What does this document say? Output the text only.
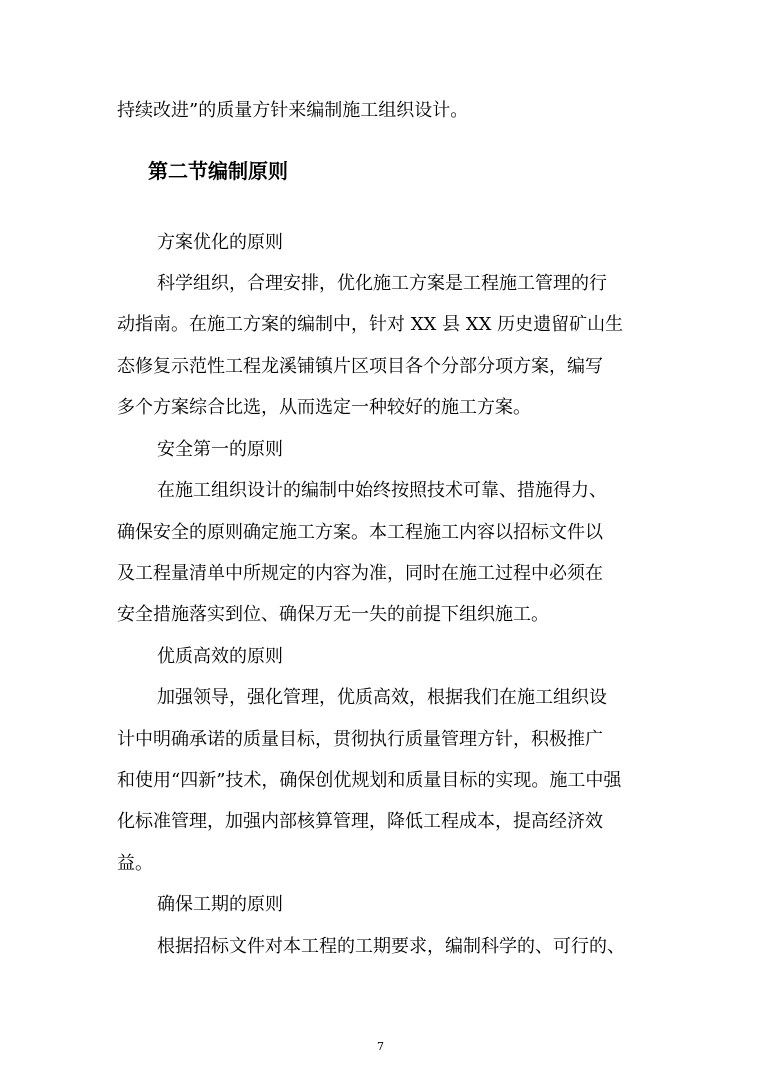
持续改进”的质量方针来编制施工组织设计。
第二节编制原则
方案优化的原则
科学组织，合理安排，优化施工方案是工程施工管理的行
动指南。在施工方案的编制中，针对 XX 县 XX 历史遗留矿山生
态修复示范性工程龙溪铺镇片区项目各个分部分项方案，编写
多个方案综合比选，从而选定一种较好的施工方案。
安全第一的原则
在施工组织设计的编制中始终按照技术可靠、措施得力、
确保安全的原则确定施工方案。本工程施工内容以招标文件以
及工程量清单中所规定的内容为准，同时在施工过程中必须在
安全措施落实到位、确保万无一失的前提下组织施工。
优质高效的原则
加强领导，强化管理，优质高效，根据我们在施工组织设
计中明确承诺的质量目标，贯彻执行质量管理方针，积极推广
和使用“四新”技术，确保创优规划和质量目标的实现。施工中强
化标准管理，加强内部核算管理，降低工程成本，提高经济效
益。
确保工期的原则
根据招标文件对本工程的工期要求，编制科学的、可行的、
7
